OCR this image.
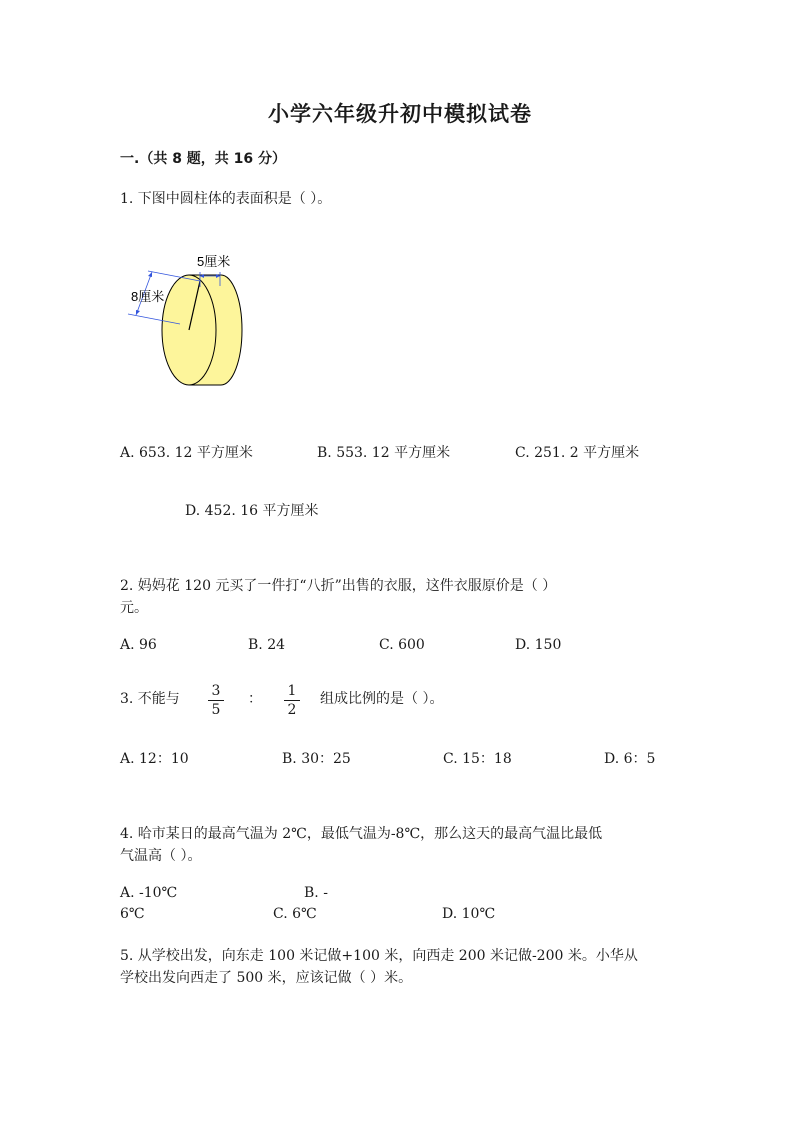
小学六年级升初中模拟试卷
一.（共 8 题，共 16 分）
1. 下图中圆柱体的表面积是（ ）。
5厘米
8厘米
A. 653. 12 平方厘米	B. 553. 12 平方厘米	C. 251. 2 平方厘米
D. 452. 16 平方厘米
2. 妈妈花 120 元买了一件打“八折”出售的衣服，这件衣服原价是（ ）
元。
A. 96	B. 24	C. 600	D. 150
3. 不能与 3
5
： 1
2
组成比例的是（ ）。
A. 12：10	B. 30：25	C. 15：18	D. 6：5
4. 哈市某日的最高气温为 2℃，最低气温为-8℃，那么这天的最高气温比最低
气温高（ ）。
A. -10℃	B. -
6℃	C. 6℃	D. 10℃
5. 从学校出发，向东走 100 米记做+100 米，向西走 200 米记做-200 米。小华从
学校出发向西走了 500 米，应该记做（ ）米。
